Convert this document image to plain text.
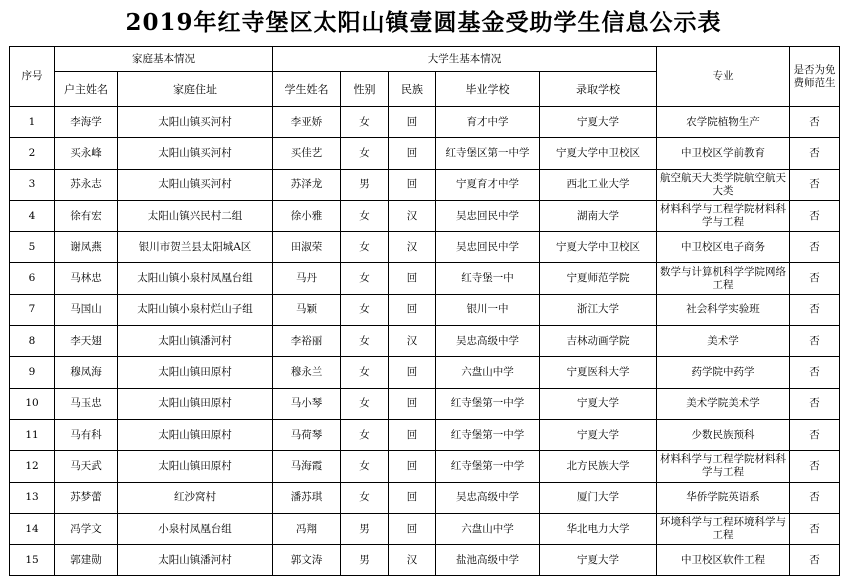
2019年红寺堡区太阳山镇壹圆基金受助学生信息公示表
序号	家庭基本情况		大学生基本情况					专业	是否为免费师范生
	户主姓名	家庭住址	学生姓名	性别	民族	毕业学校	录取学校		
1	李海学	太阳山镇买河村	李亚娇	女	回	育才中学	宁夏大学	农学院植物生产	否
2	买永峰	太阳山镇买河村	买佳艺	女	回	红寺堡区第一中学	宁夏大学中卫校区	中卫校区学前教育	否
3	苏永志	太阳山镇买河村	苏泽龙	男	回	宁夏育才中学	西北工业大学	航空航天大类学院航空航天大类	否
4	徐有宏	太阳山镇兴民村二组	徐小雅	女	汉	吴忠回民中学	湖南大学	材料科学与工程学院材料科学与工程	否
5	谢凤燕	银川市贺兰县太阳城A区	田淑荣	女	汉	吴忠回民中学	宁夏大学中卫校区	中卫校区电子商务	否
6	马林忠	太阳山镇小泉村凤凰台组	马丹	女	回	红寺堡一中	宁夏师范学院	数学与计算机科学学院网络工程	否
7	马国山	太阳山镇小泉村烂山子组	马颖	女	回	银川一中	浙江大学	社会科学实验班	否
8	李天翅	太阳山镇潘河村	李裕丽	女	汉	吴忠高级中学	吉林动画学院	美术学	否
9	穆凤海	太阳山镇田原村	穆永兰	女	回	六盘山中学	宁夏医科大学	药学院中药学	否
10	马玉忠	太阳山镇田原村	马小琴	女	回	红寺堡第一中学	宁夏大学	美术学院美术学	否
11	马有科	太阳山镇田原村	马荷琴	女	回	红寺堡第一中学	宁夏大学	少数民族预科	否
12	马天武	太阳山镇田原村	马海霞	女	回	红寺堡第一中学	北方民族大学	材料科学与工程学院材料科学与工程	否
13	苏梦蕾	红沙窝村	潘苏琪	女	回	吴忠高级中学	厦门大学	华侨学院英语系	否
14	冯学文	小泉村凤凰台组	冯翔	男	回	六盘山中学	华北电力大学	环境科学与工程环境科学与工程	否
15	郭建勋	太阳山镇潘河村	郭文涛	男	汉	盐池高级中学	宁夏大学	中卫校区软件工程	否
